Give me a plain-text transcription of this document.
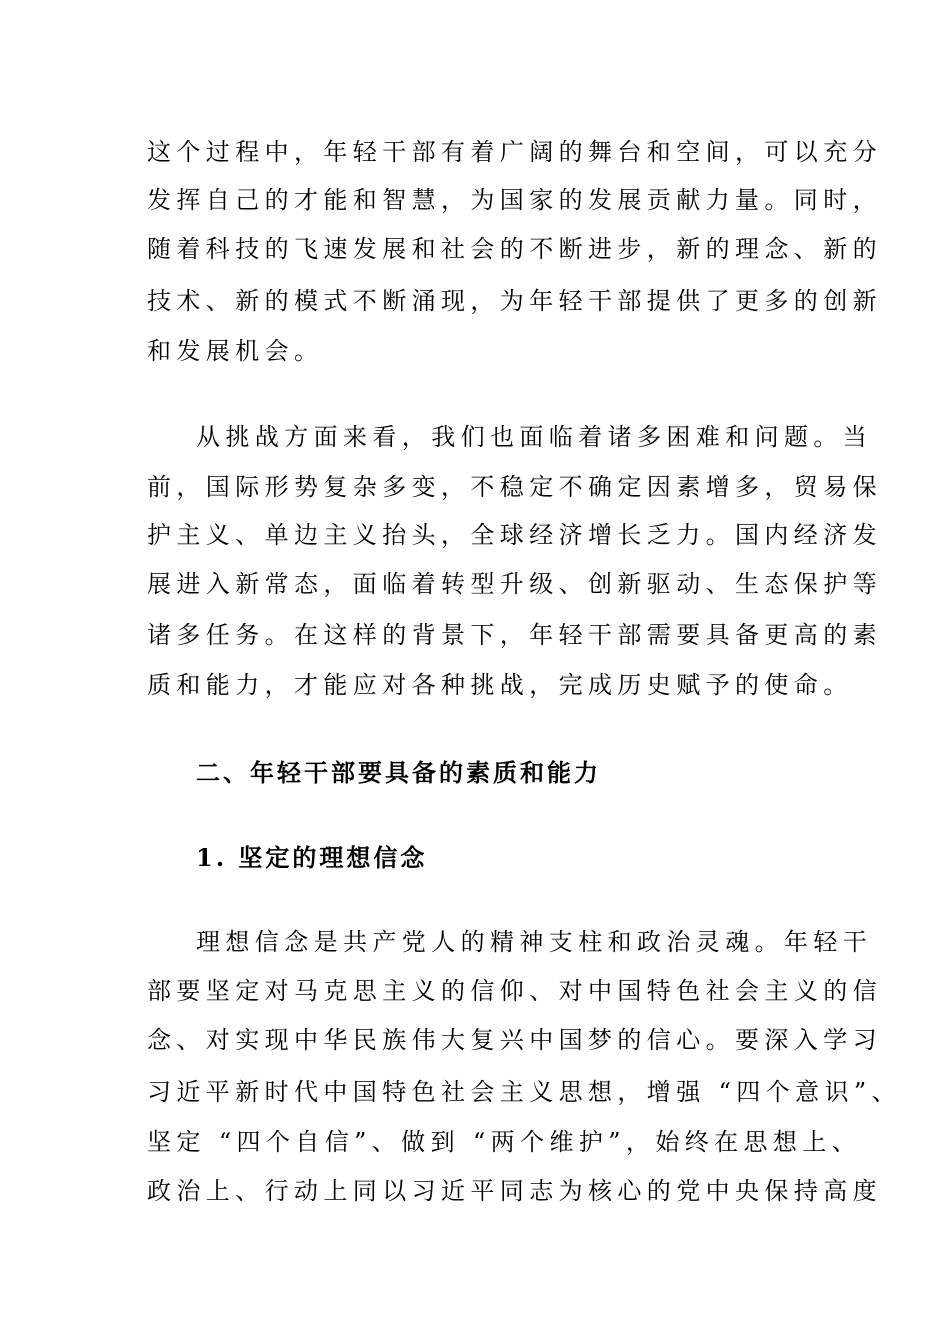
这个过程中，年轻干部有着广阔的舞台和空间，可以充分
发挥自己的才能和智慧，为国家的发展贡献力量。同时，
随着科技的飞速发展和社会的不断进步，新的理念、新的
技术、新的模式不断涌现，为年轻干部提供了更多的创新
和发展机会。
从挑战方面来看，我们也面临着诸多困难和问题。当
前，国际形势复杂多变，不稳定不确定因素增多，贸易保
护主义、单边主义抬头，全球经济增长乏力。国内经济发
展进入新常态，面临着转型升级、创新驱动、生态保护等
诸多任务。在这样的背景下，年轻干部需要具备更高的素
质和能力，才能应对各种挑战，完成历史赋予的使命。
二、年轻干部要具备的素质和能力
1. 坚定的理想信念
理想信念是共产党人的精神支柱和政治灵魂。年轻干
部要坚定对马克思主义的信仰、对中国特色社会主义的信
念、对实现中华民族伟大复兴中国梦的信心。要深入学习
习近平新时代中国特色社会主义思想，增强 “四个意识”、
坚定 “四个自信”、做到 “两个维护”，始终在思想上、
政治上、行动上同以习近平同志为核心的党中央保持高度
